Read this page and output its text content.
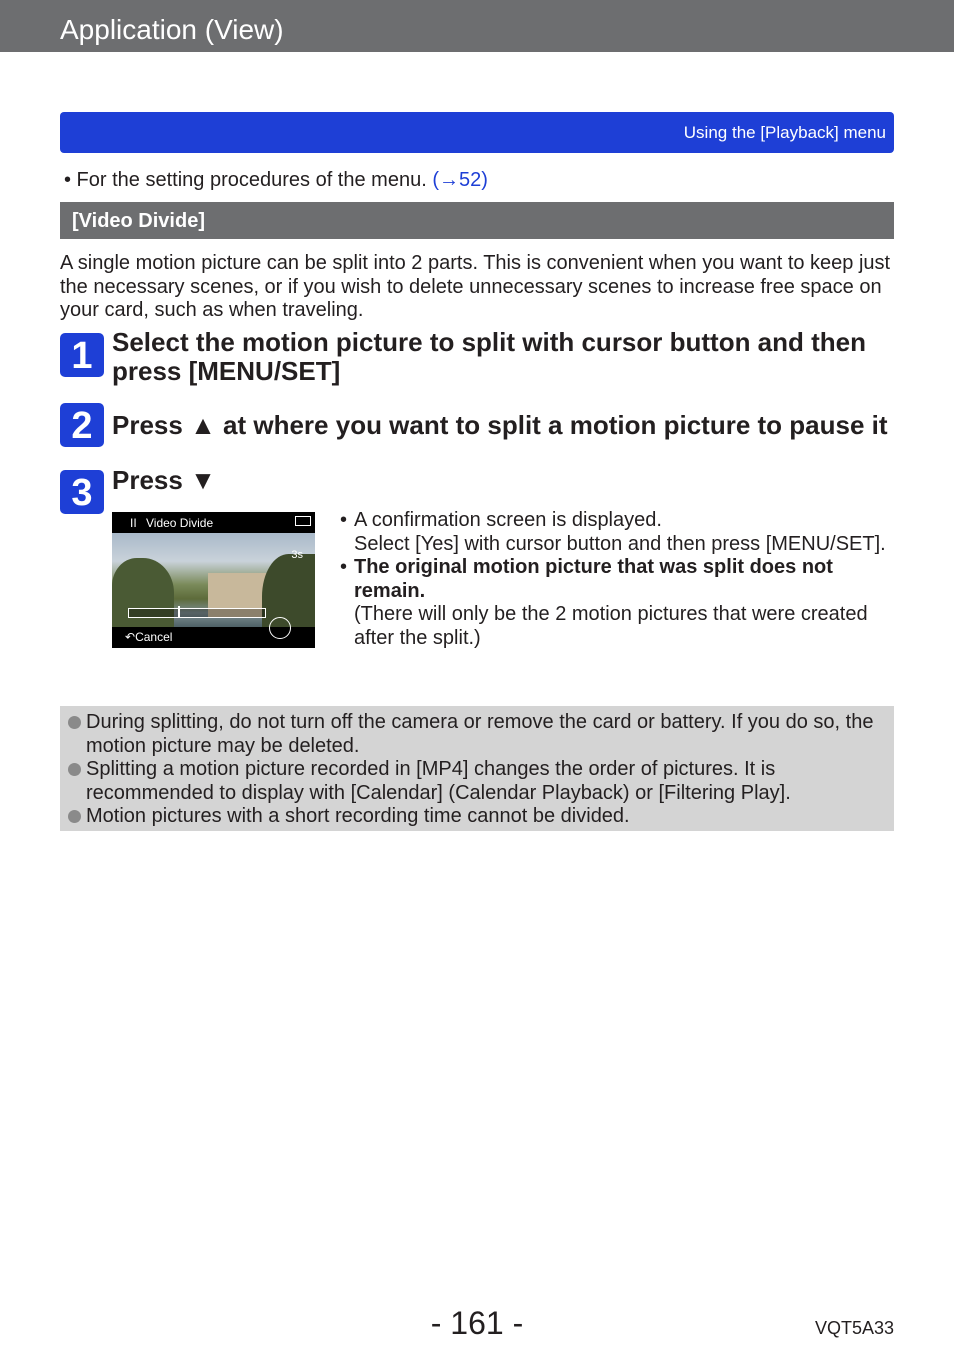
Application (View)
Using the [Playback] menu
• For the setting procedures of the menu. (→52)
[Video Divide]
A single motion picture can be split into 2 parts. This is convenient when you want to keep just the necessary scenes, or if you wish to delete unnecessary scenes to increase free space on your card, such as when traveling.
1 Select the motion picture to split with cursor button and then press [MENU/SET]
2 Press ▲ at where you want to split a motion picture to pause it
3 Press ▼
II Video Divide
3s
↶Cancel
• A confirmation screen is displayed.
Select [Yes] with cursor button and then press [MENU/SET].
• The original motion picture that was split does not remain.
(There will only be the 2 motion pictures that were created after the split.)
During splitting, do not turn off the camera or remove the card or battery. If you do so, the motion picture may be deleted.
Splitting a motion picture recorded in [MP4] changes the order of pictures. It is recommended to display with [Calendar] (Calendar Playback) or [Filtering Play].
Motion pictures with a short recording time cannot be divided.
- 161 -	VQT5A33
